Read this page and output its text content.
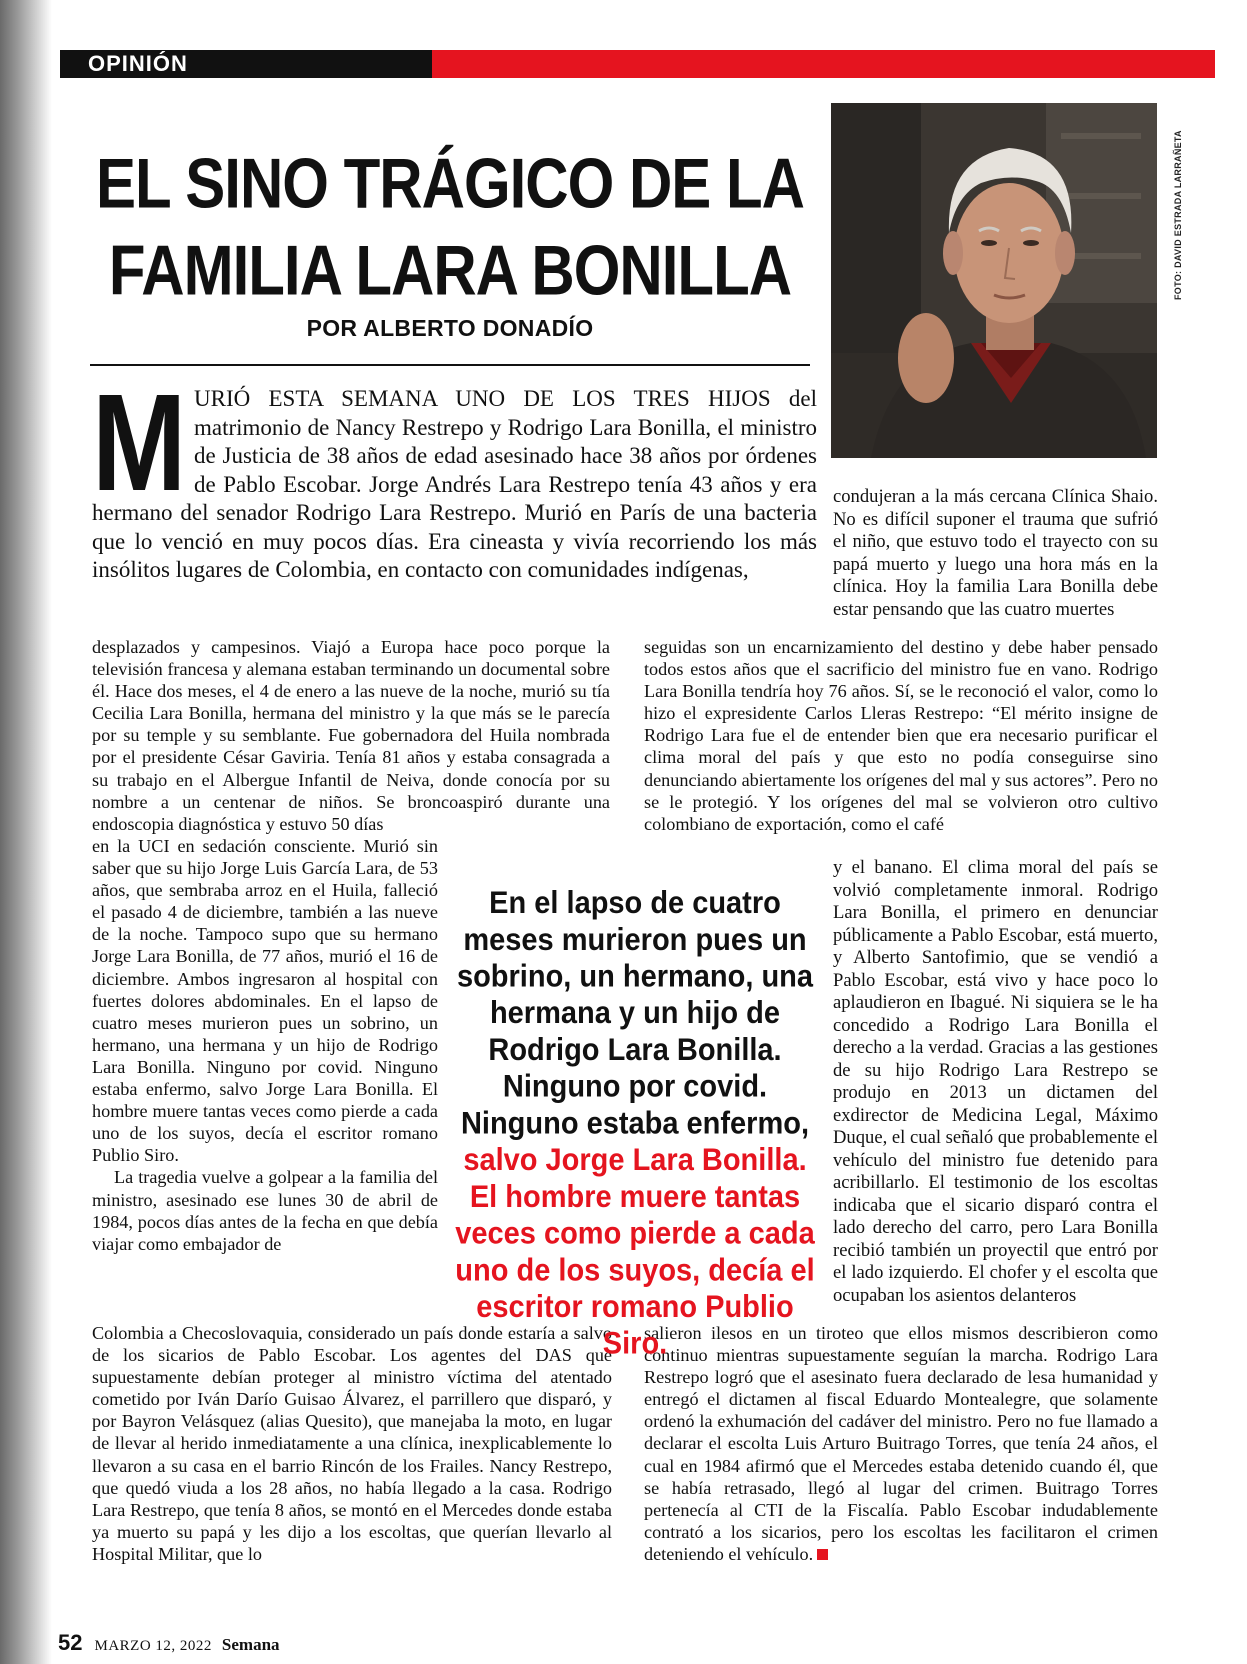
OPINIÓN
EL SINO TRÁGICO DE LA
FAMILIA LARA BONILLA
POR ALBERTO DONADÍO
FOTO: DAVID ESTRADA LARRAÑETA
MURIÓ ESTA SEMANA UNO DE LOS TRES HIJOS del matrimonio de Nancy Restrepo y Rodrigo Lara Bonilla, el ministro de Justicia de 38 años de edad asesinado hace 38 años por órdenes de Pablo Escobar. Jorge Andrés Lara Restrepo tenía 43 años y era hermano del senador Rodrigo Lara Restrepo. Murió en París de una bacteria que lo venció en muy pocos días. Era cineasta y vivía recorriendo los más insólitos lugares de Colombia, en contacto con comunidades indígenas,

desplazados y campesinos. Viajó a Europa hace poco porque la televisión francesa y alemana estaban terminando un documental sobre él. Hace dos meses, el 4 de enero a las nueve de la noche, murió su tía Cecilia Lara Bonilla, hermana del ministro y la que más se le parecía por su temple y su semblante. Fue gobernadora del Huila nombrada por el presidente César Gaviria. Tenía 81 años y estaba consagrada a su trabajo en el Albergue Infantil de Neiva, donde conocía por su nombre a un centenar de niños. Se broncoaspiró durante una endoscopia diagnóstica y estuvo 50 días

en la UCI en sedación consciente. Murió sin saber que su hijo Jorge Luis García Lara, de 53 años, que sembraba arroz en el Huila, falleció el pasado 4 de diciembre, también a las nueve de la noche. Tampoco supo que su hermano Jorge Lara Bonilla, de 77 años, murió el 16 de diciembre. Ambos ingresaron al hospital con fuertes dolores abdominales. En el lapso de cuatro meses murieron pues un sobrino, un hermano, una hermana y un hijo de Rodrigo Lara Bonilla. Ninguno por covid. Ninguno estaba enfermo, salvo Jorge Lara Bonilla. El hombre muere tantas veces como pierde a cada uno de los suyos, decía el escritor romano Publio Siro.

La tragedia vuelve a golpear a la familia del ministro, asesinado ese lunes 30 de abril de 1984, pocos días antes de la fecha en que debía viajar como embajador de

Colombia a Checoslovaquia, considerado un país donde estaría a salvo de los sicarios de Pablo Escobar. Los agentes del DAS que supuestamente debían proteger al ministro víctima del atentado cometido por Iván Darío Guisao Álvarez, el parrillero que disparó, y por Bayron Velásquez (alias Quesito), que manejaba la moto, en lugar de llevar al herido inmediatamente a una clínica, inexplicablemente lo llevaron a su casa en el barrio Rincón de los Frailes. Nancy Restrepo, que quedó viuda a los 28 años, no había llegado a la casa. Rodrigo Lara Restrepo, que tenía 8 años, se montó en el Mercedes donde estaba ya muerto su papá y les dijo a los escoltas, que querían llevarlo al Hospital Militar, que lo

condujeran a la más cercana Clínica Shaio. No es difícil suponer el trauma que sufrió el niño, que estuvo todo el trayecto con su papá muerto y luego una hora más en la clínica. Hoy la familia Lara Bonilla debe estar pensando que las cuatro muertes

seguidas son un encarnizamiento del destino y debe haber pensado todos estos años que el sacrificio del ministro fue en vano. Rodrigo Lara Bonilla tendría hoy 76 años. Sí, se le reconoció el valor, como lo hizo el expresidente Carlos Lleras Restrepo: “El mérito insigne de Rodrigo Lara fue el de entender bien que era necesario purificar el clima moral del país y que esto no podía conseguirse sino denunciando abiertamente los orígenes del mal y sus actores”. Pero no se le protegió. Y los orígenes del mal se volvieron otro cultivo colombiano de exportación, como el café

y el banano. El clima moral del país se volvió completamente inmoral. Rodrigo Lara Bonilla, el primero en denunciar públicamente a Pablo Escobar, está muerto, y Alberto Santofimio, que se vendió a Pablo Escobar, está vivo y hace poco lo aplaudieron en Ibagué. Ni siquiera se le ha concedido a Rodrigo Lara Bonilla el derecho a la verdad. Gracias a las gestiones de su hijo Rodrigo Lara Restrepo se produjo en 2013 un dictamen del exdirector de Medicina Legal, Máximo Duque, el cual señaló que probablemente el vehículo del ministro fue detenido para acribillarlo. El testimonio de los escoltas indicaba que el sicario disparó contra el lado derecho del carro, pero Lara Bonilla recibió también un proyectil que entró por el lado izquierdo. El chofer y el escolta que ocupaban los asientos delanteros

salieron ilesos en un tiroteo que ellos mismos describieron como continuo mientras supuestamente seguían la marcha. Rodrigo Lara Restrepo logró que el asesinato fuera declarado de lesa humanidad y entregó el dictamen al fiscal Eduardo Montealegre, que solamente ordenó la exhumación del cadáver del ministro. Pero no fue llamado a declarar el escolta Luis Arturo Buitrago Torres, que tenía 24 años, el cual en 1984 afirmó que el Mercedes estaba detenido cuando él, que se había retrasado, llegó al lugar del crimen. Buitrago Torres pertenecía al CTI de la Fiscalía. Pablo Escobar indudablemente contrató a los sicarios, pero los escoltas les facilitaron el crimen deteniendo el vehículo.

En el lapso de cuatro meses murieron pues un sobrino, un hermano, una hermana y un hijo de Rodrigo Lara Bonilla. Ninguno por covid. Ninguno estaba enfermo, salvo Jorge Lara Bonilla. El hombre muere tantas veces como pierde a cada uno de los suyos, decía el escritor romano Publio Siro.
52 MARZO 12, 2022 Semana
